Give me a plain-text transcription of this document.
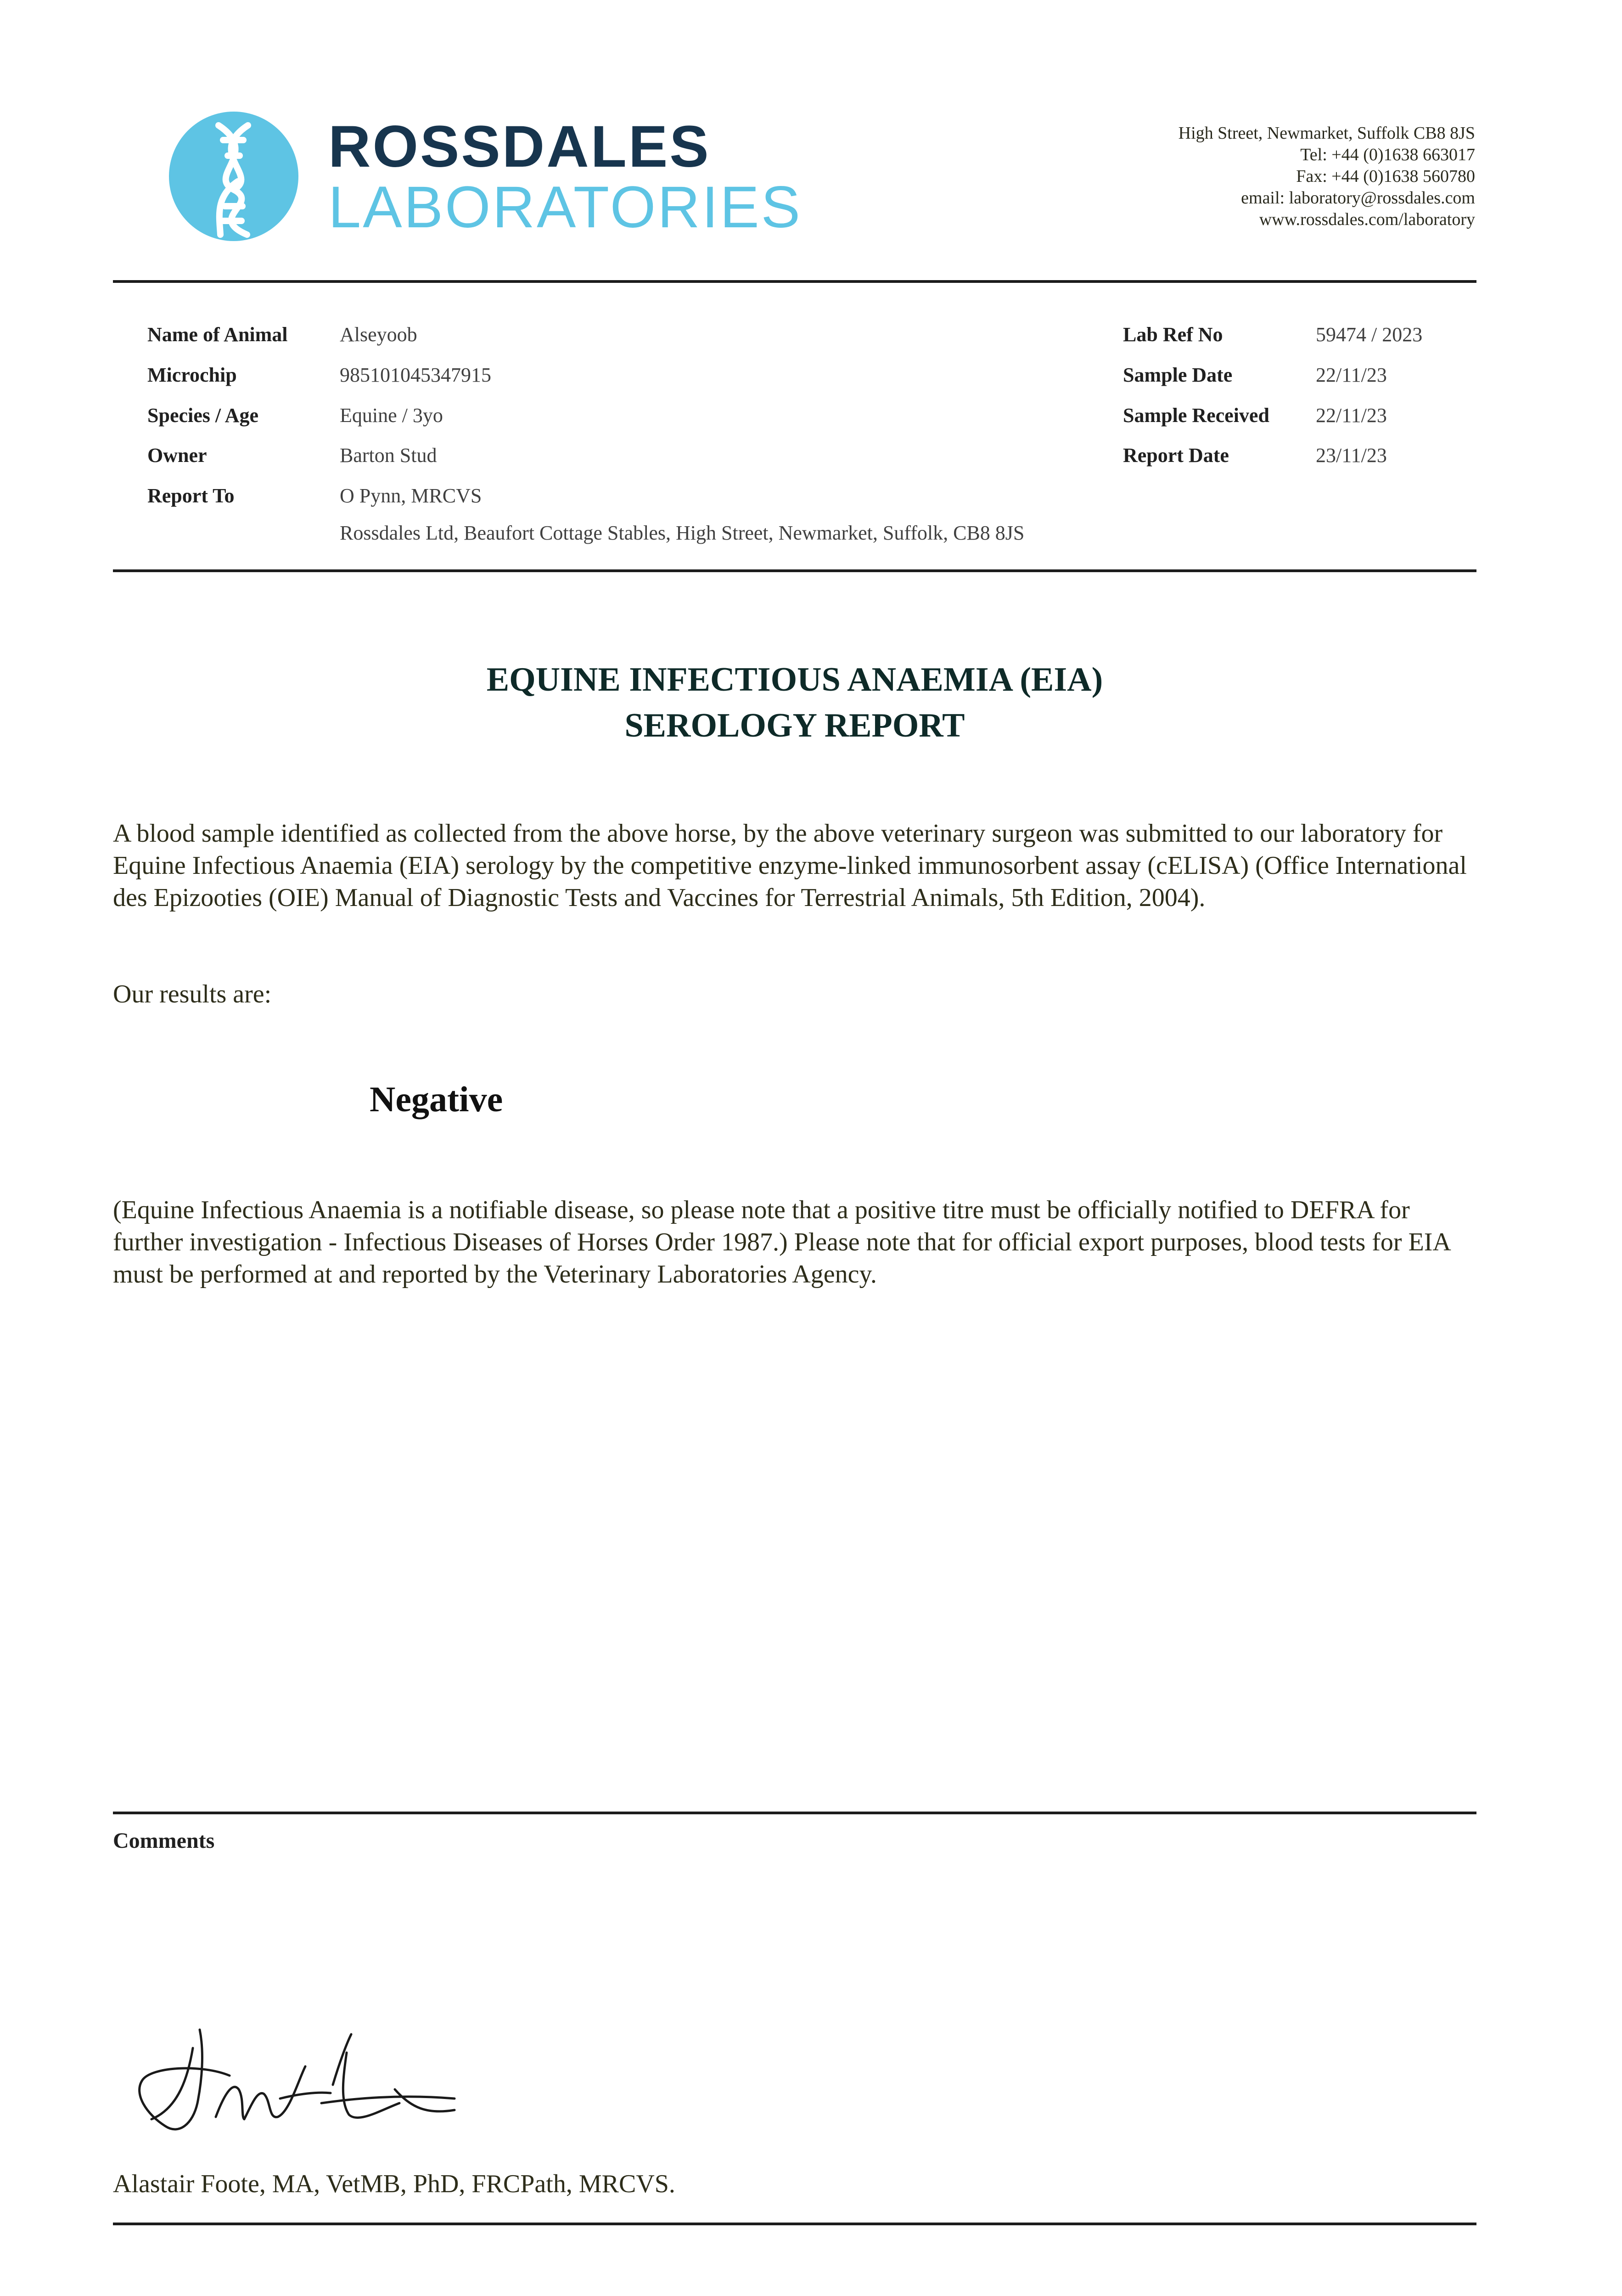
ROSSDALES
LABORATORIES
High Street, Newmarket, Suffolk CB8 8JS
Tel: +44 (0)1638 663017
Fax: +44 (0)1638 560780
email: laboratory@rossdales.com
www.rossdales.com/laboratory
Name of Animal	Alseyoob
Microchip	985101045347915
Species / Age	Equine / 3yo
Owner	Barton Stud
Report To	O Pynn, MRCVS
Rossdales Ltd, Beaufort Cottage Stables, High Street, Newmarket, Suffolk, CB8 8JS
Lab Ref No	59474 / 2023
Sample Date	22/11/23
Sample Received 22/11/23
Report Date	23/11/23
EQUINE INFECTIOUS ANAEMIA (EIA)
SEROLOGY REPORT
A blood sample identified as collected from the above horse, by the above veterinary surgeon was submitted to our laboratory for Equine Infectious Anaemia (EIA) serology by the competitive enzyme-linked immunosorbent assay (cELISA) (Office International des Epizooties (OIE) Manual of Diagnostic Tests and Vaccines for Terrestrial Animals, 5th Edition, 2004).
Our results are:
Negative
(Equine Infectious Anaemia is a notifiable disease, so please note that a positive titre must be officially notified to DEFRA for further investigation - Infectious Diseases of Horses Order 1987.) Please note that for official export purposes, blood tests for EIA must be performed at and reported by the Veterinary Laboratories Agency.
Comments
Alastair Foote, MA, VetMB, PhD, FRCPath, MRCVS.
